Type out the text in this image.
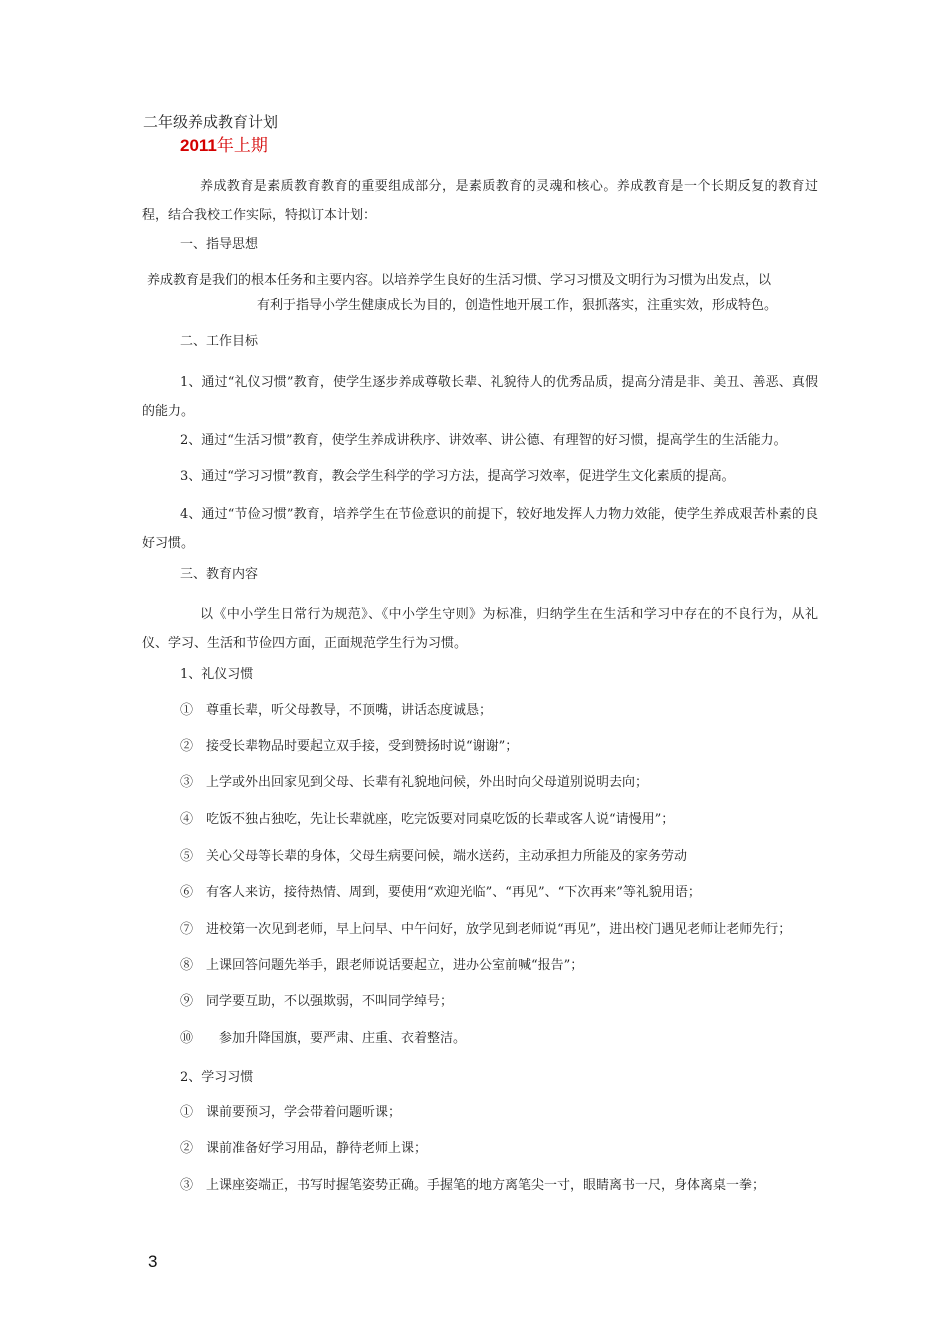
二年级养成教育计划
2011年上期
养成教育是素质教育教育的重要组成部分，是素质教育的灵魂和核心。养成教育是一个长期反复的教育过程，结合我校工作实际，特拟订本计划：
一、指导思想
养成教育是我们的根本任务和主要内容。以培养学生良好的生活习惯、学习习惯及文明行为习惯为出发点，以
有利于指导小学生健康成长为目的，创造性地开展工作，狠抓落实，注重实效，形成特色。
二、工作目标
1、通过“礼仪习惯”教育，使学生逐步养成尊敬长辈、礼貌待人的优秀品质，提高分清是非、美丑、善恶、真假的能力。
2、通过“生活习惯”教育，使学生养成讲秩序、讲效率、讲公德、有理智的好习惯，提高学生的生活能力。
3、通过“学习习惯”教育，教会学生科学的学习方法，提高学习效率，促进学生文化素质的提高。
4、通过“节俭习惯”教育，培养学生在节俭意识的前提下，较好地发挥人力物力效能，使学生养成艰苦朴素的良好习惯。
三、教育内容
以《中小学生日常行为规范》、《中小学生守则》为标准，归纳学生在生活和学习中存在的不良行为，从礼仪、学习、生活和节俭四方面，正面规范学生行为习惯。
1、礼仪习惯
①　尊重长辈，听父母教导，不顶嘴，讲话态度诚恳；
②　接受长辈物品时要起立双手接，受到赞扬时说“谢谢”；
③　上学或外出回家见到父母、长辈有礼貌地问候，外出时向父母道别说明去向；
④　吃饭不独占独吃，先让长辈就座，吃完饭要对同桌吃饭的长辈或客人说“请慢用”；
⑤　关心父母等长辈的身体，父母生病要问候，端水送药，主动承担力所能及的家务劳动
⑥　有客人来访，接待热情、周到，要使用“欢迎光临”、“再见”、“下次再来”等礼貌用语；
⑦　进校第一次见到老师，早上问早、中午问好，放学见到老师说“再见”，进出校门遇见老师让老师先行；
⑧　上课回答问题先举手，跟老师说话要起立，进办公室前喊“报告”；
⑨　同学要互助，不以强欺弱，不叫同学绰号；
⑩　　参加升降国旗，要严肃、庄重、衣着整洁。
2、学习习惯
①　课前要预习，学会带着问题听课；
②　课前准备好学习用品，静待老师上课；
③　上课座姿端正，书写时握笔姿势正确。手握笔的地方离笔尖一寸，眼睛离书一尺，身体离桌一拳；
3
